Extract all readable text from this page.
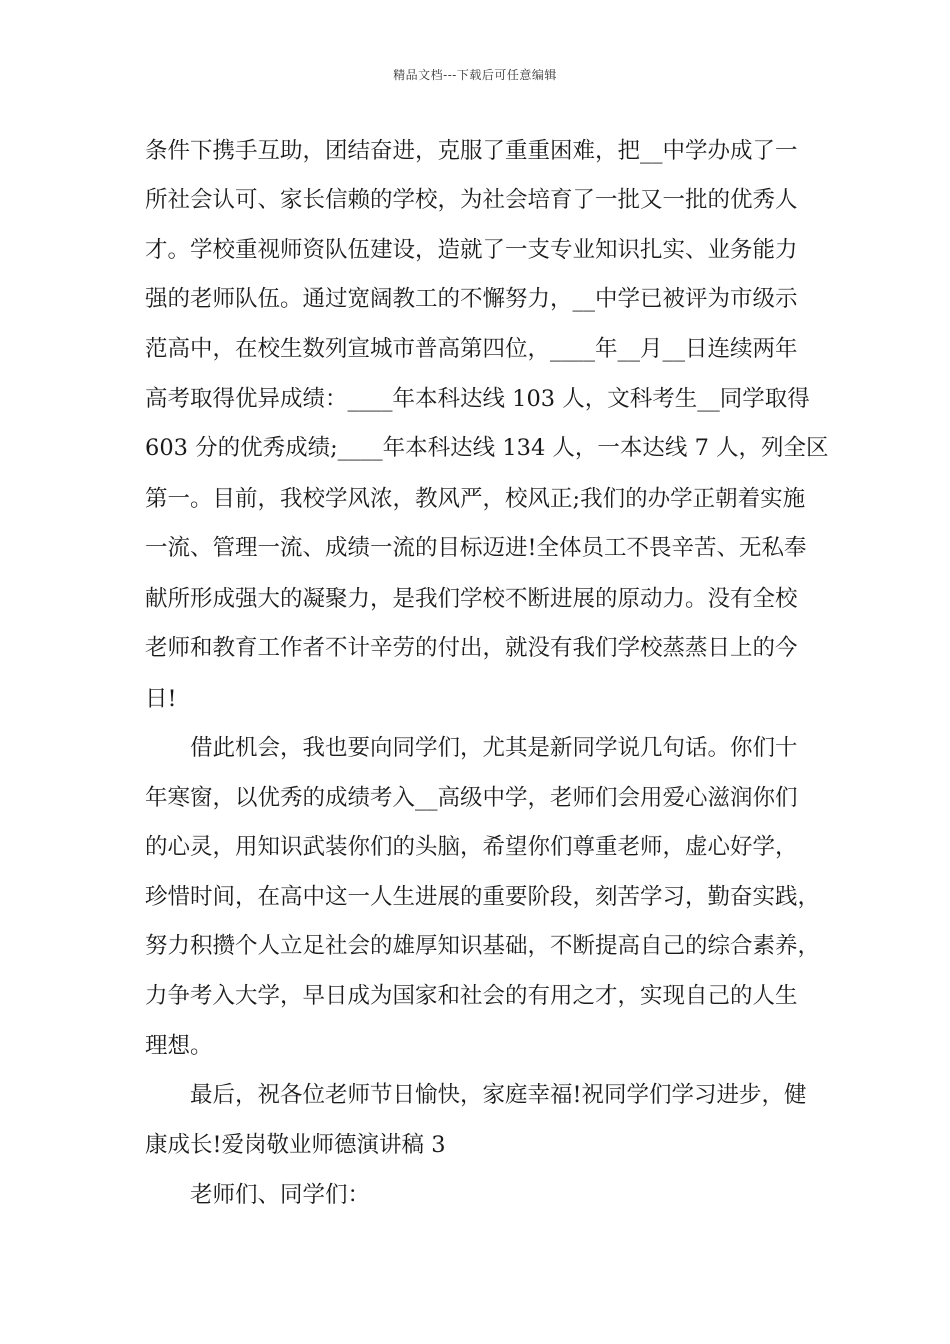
精品文档---下载后可任意编辑
条件下携手互助，团结奋进，克服了重重困难，把__中学办成了一
所社会认可、家长信赖的学校，为社会培育了一批又一批的优秀人
才。学校重视师资队伍建设，造就了一支专业知识扎实、业务能力
强的老师队伍。通过宽阔教工的不懈努力，__中学已被评为市级示
范高中，在校生数列宣城市普高第四位，____年__月__日连续两年
高考取得优异成绩：____年本科达线 103 人，文科考生__同学取得
603 分的优秀成绩;____年本科达线 134 人，一本达线 7 人，列全区
第一。目前，我校学风浓，教风严，校风正;我们的办学正朝着实施
一流、管理一流、成绩一流的目标迈进!全体员工不畏辛苦、无私奉
献所形成强大的凝聚力，是我们学校不断进展的原动力。没有全校
老师和教育工作者不计辛劳的付出，就没有我们学校蒸蒸日上的今
日!
借此机会，我也要向同学们，尤其是新同学说几句话。你们十
年寒窗，以优秀的成绩考入__高级中学，老师们会用爱心滋润你们
的心灵，用知识武装你们的头脑，希望你们尊重老师，虚心好学，
珍惜时间，在高中这一人生进展的重要阶段，刻苦学习，勤奋实践，
努力积攒个人立足社会的雄厚知识基础，不断提高自己的综合素养，
力争考入大学，早日成为国家和社会的有用之才，实现自己的人生
理想。
最后，祝各位老师节日愉快，家庭幸福!祝同学们学习进步，健
康成长!爱岗敬业师德演讲稿 3
老师们、同学们：
